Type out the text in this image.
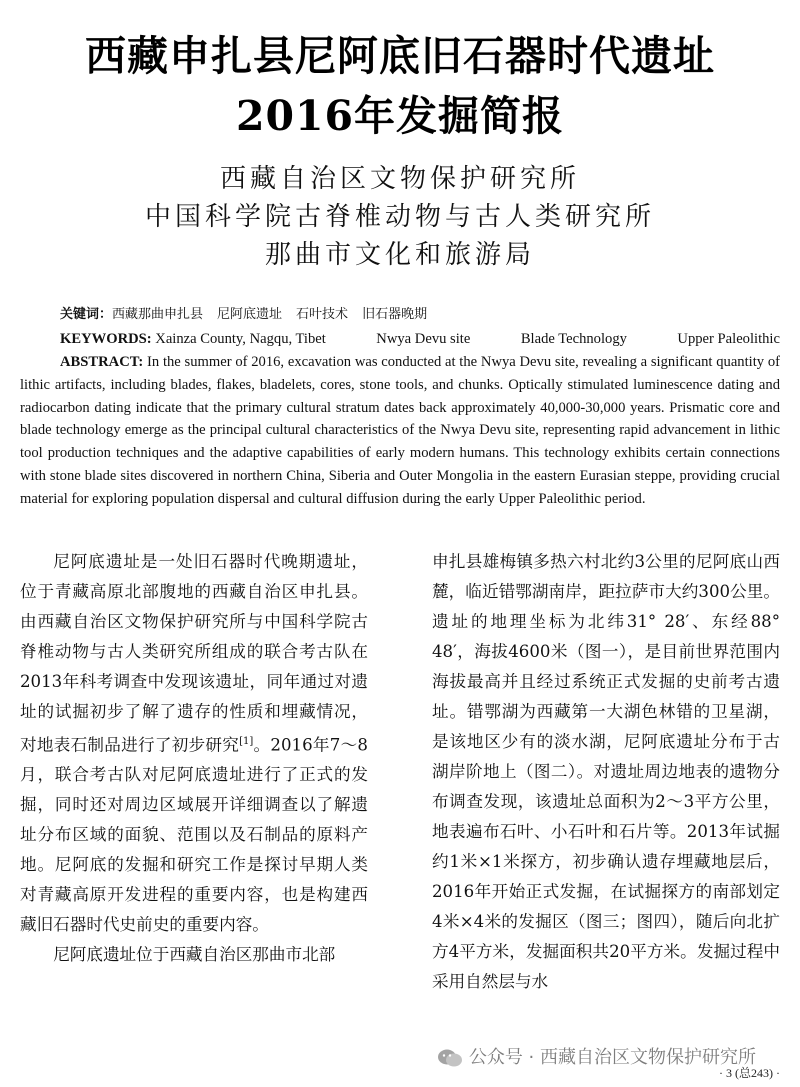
西藏申扎县尼阿底旧石器时代遗址
2016年发掘简报
西藏自治区文物保护研究所
中国科学院古脊椎动物与古人类研究所
那曲市文化和旅游局
关键词：西藏那曲申扎县 尼阿底遗址 石叶技术 旧石器晚期
KEYWORDS: Xainza County, Nagqu, Tibet	Nwya Devu site	Blade Technology	Upper Paleolithic
ABSTRACT: In the summer of 2016, excavation was conducted at the Nwya Devu site, revealing a significant quantity of lithic artifacts, including blades, flakes, bladelets, cores, stone tools, and chunks. Optically stimulated luminescence dating and radiocarbon dating indicate that the primary cultural stratum dates back approximately 40,000-30,000 years. Prismatic core and blade technology emerge as the principal cultural characteristics of the Nwya Devu site, representing rapid advancement in lithic tool production techniques and the adaptive capabilities of early modern humans. This technology exhibits certain connections with stone blade sites discovered in northern China, Siberia and Outer Mongolia in the eastern Eurasian steppe, providing crucial material for exploring population dispersal and cultural diffusion during the early Upper Paleolithic period.

尼阿底遗址是一处旧石器时代晚期遗址，位于青藏高原北部腹地的西藏自治区申扎县。由西藏自治区文物保护研究所与中国科学院古脊椎动物与古人类研究所组成的联合考古队在2013年科考调查中发现该遗址，同年通过对遗址的试掘初步了解了遗存的性质和埋藏情况，对地表石制品进行了初步研究[1]。2016年7～8月，联合考古队对尼阿底遗址进行了正式的发掘，同时还对周边区域展开详细调查以了解遗址分布区域的面貌、范围以及石制品的原料产地。尼阿底的发掘和研究工作是探讨早期人类对青藏高原开发进程的重要内容，也是构建西藏旧石器时代史前史的重要内容。

尼阿底遗址位于西藏自治区那曲市北部

申扎县雄梅镇多热六村北约3公里的尼阿底山西麓，临近错鄂湖南岸，距拉萨市大约300公里。遗址的地理坐标为北纬31° 28′、东经88° 48′，海拔4600米（图一），是目前世界范围内海拔最高并且经过系统正式发掘的史前考古遗址。错鄂湖为西藏第一大湖色林错的卫星湖，是该地区少有的淡水湖，尼阿底遗址分布于古湖岸阶地上（图二）。对遗址周边地表的遗物分布调查发现，该遗址总面积为2～3平方公里，地表遍布石叶、小石叶和石片等。2013年试掘约1米×1米探方，初步确认遗存埋藏地层后，2016年开始正式发掘，在试掘探方的南部划定4米×4米的发掘区（图三；图四），随后向北扩方4平方米，发掘面积共20平方米。发掘过程中采用自然层与水

公众号 · 西藏自治区文物保护研究所
· 3 (总243) ·
